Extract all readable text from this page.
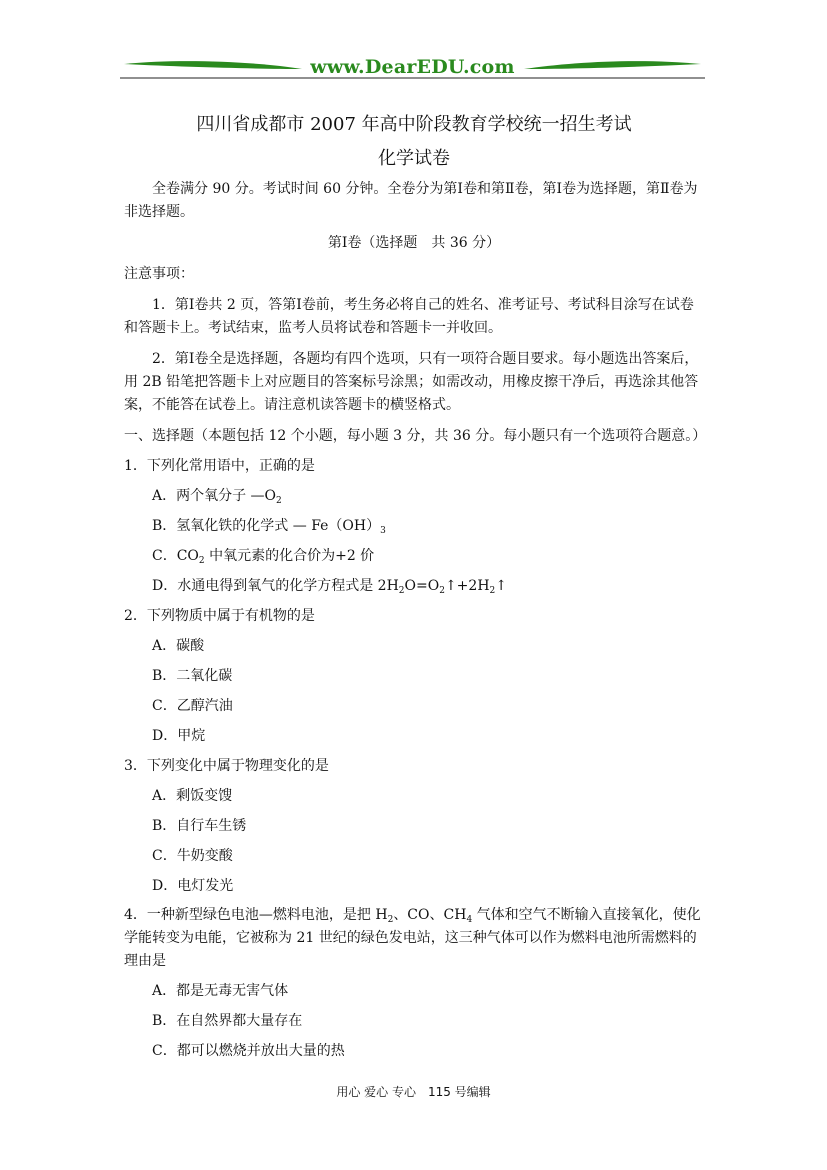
www.DearEDU.com
四川省成都市 2007 年高中阶段教育学校统一招生考试
化学试卷
全卷满分 90 分。考试时间 60 分钟。全卷分为第Ⅰ卷和第Ⅱ卷，第Ⅰ卷为选择题，第Ⅱ卷为非选择题。
第Ⅰ卷（选择题　共 36 分）
注意事项：
1．第Ⅰ卷共 2 页，答第Ⅰ卷前，考生务必将自己的姓名、准考证号、考试科目涂写在试卷和答题卡上。考试结束，监考人员将试卷和答题卡一并收回。
2．第Ⅰ卷全是选择题，各题均有四个选项，只有一项符合题目要求。每小题选出答案后，用 2B 铅笔把答题卡上对应题目的答案标号涂黑；如需改动，用橡皮擦干净后，再选涂其他答案，不能答在试卷上。请注意机读答题卡的横竖格式。
一、选择题（本题包括 12 个小题，每小题 3 分，共 36 分。每小题只有一个选项符合题意。）
1．下列化常用语中，正确的是
A．两个氧分子 $—O_2$
B．氢氧化铁的化学式 — $Fe(OH)_3$
C．$CO_2$ 中氧元素的化合价为+2 价
D．水通电得到氧气的化学方程式是 $2H_2O=O_2↑+2H_2↑$
2．下列物质中属于有机物的是
A．碳酸
B．二氧化碳
C．乙醇汽油
D．甲烷
3．下列变化中属于物理变化的是
A．剩饭变馊
B．自行车生锈
C．牛奶变酸
D．电灯发光
4．一种新型绿色电池—燃料电池，是把 $H_2$、CO、$CH_4$ 气体和空气不断输入直接氧化，使化学能转变为电能，它被称为 21 世纪的绿色发电站，这三种气体可以作为燃料电池所需燃料的理由是
A．都是无毒无害气体
B．在自然界都大量存在
C．都可以燃烧并放出大量的热
用心 爱心 专心　115 号编辑
